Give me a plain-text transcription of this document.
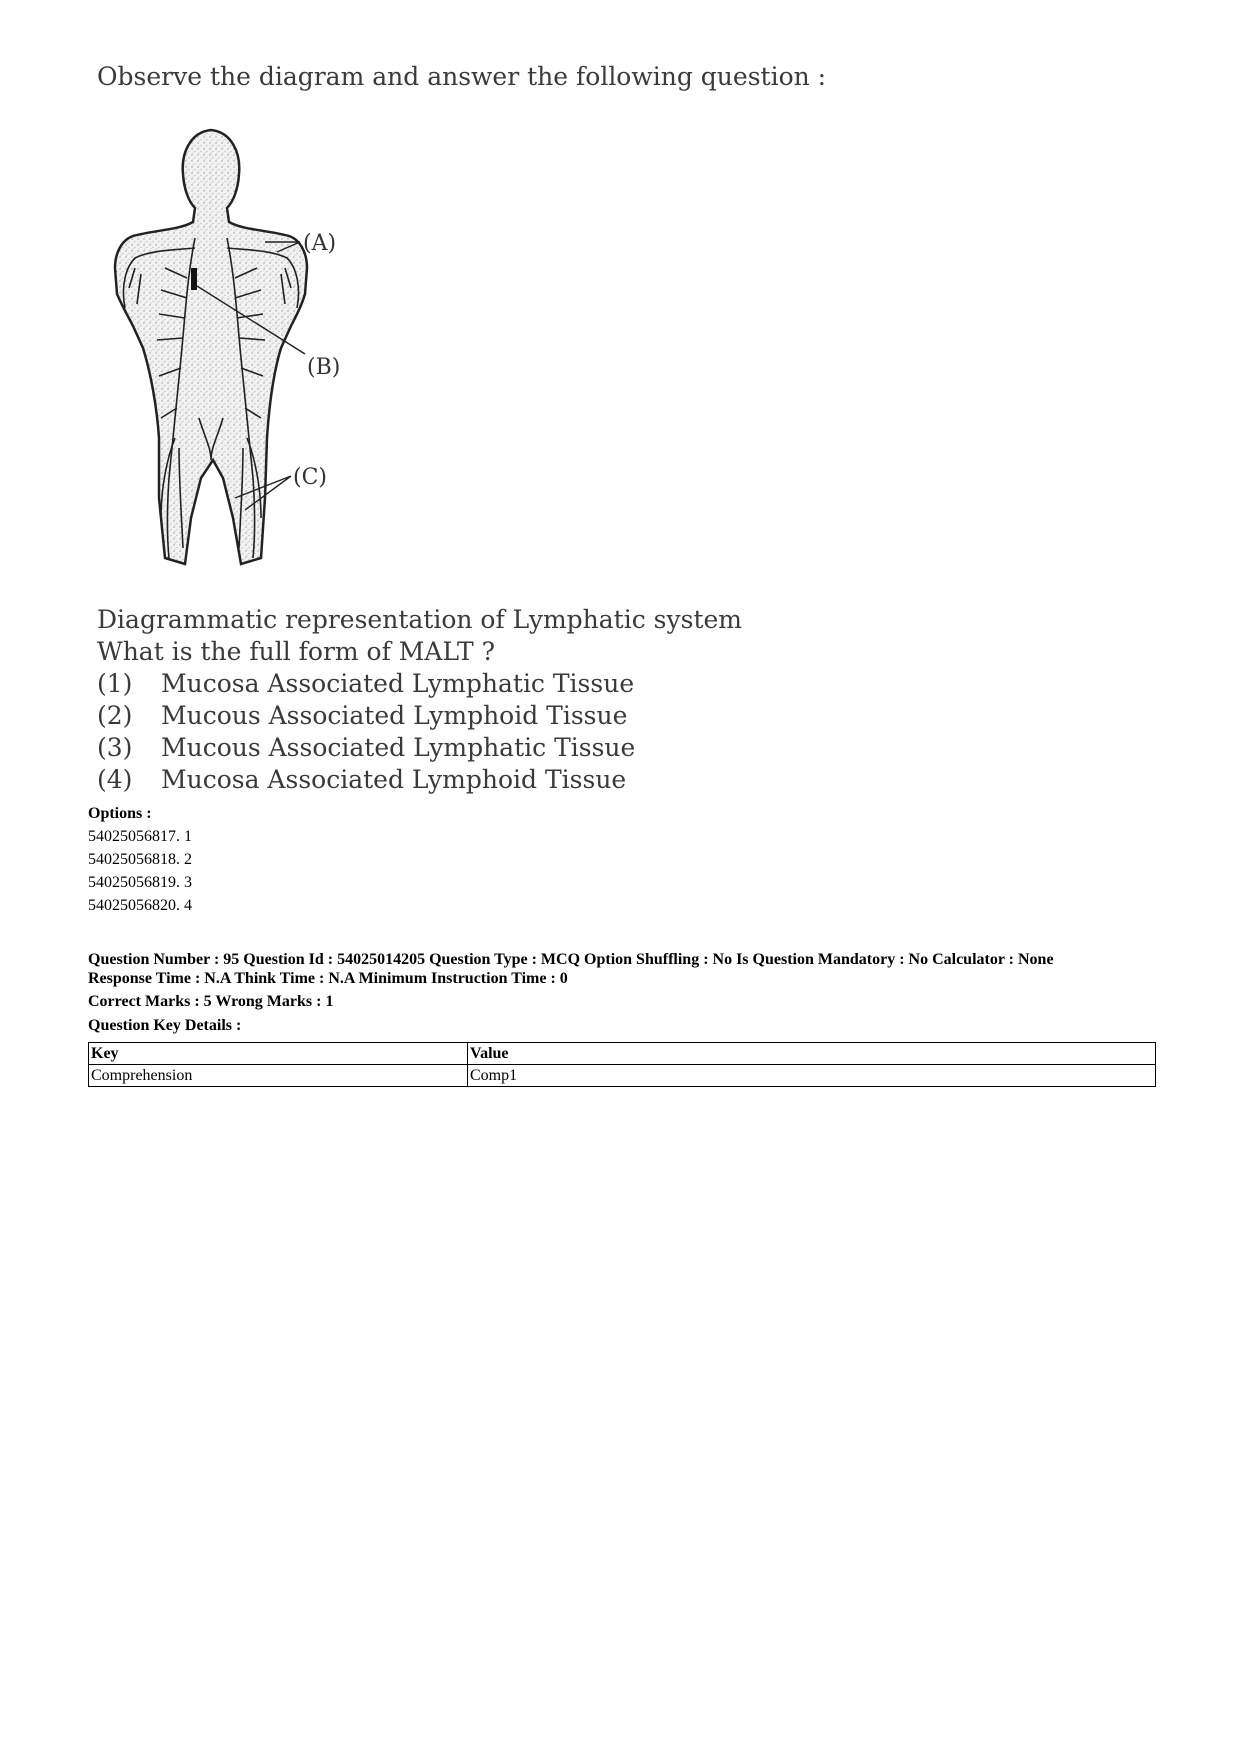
Observe the diagram and answer the following question :
(A)
(B)
(C)
Diagrammatic representation of Lymphatic system
What is the full form of MALT ?
(1) Mucosa Associated Lymphatic Tissue
(2) Mucous Associated Lymphoid Tissue
(3) Mucous Associated Lymphatic Tissue
(4) Mucosa Associated Lymphoid Tissue
Options :
54025056817. 1
54025056818. 2
54025056819. 3
54025056820. 4
Question Number : 95 Question Id : 54025014205 Question Type : MCQ Option Shuffling : No Is Question Mandatory : No Calculator : None
Response Time : N.A Think Time : N.A Minimum Instruction Time : 0
Correct Marks : 5 Wrong Marks : 1
Question Key Details :
Key	Value
Comprehension	Comp1
